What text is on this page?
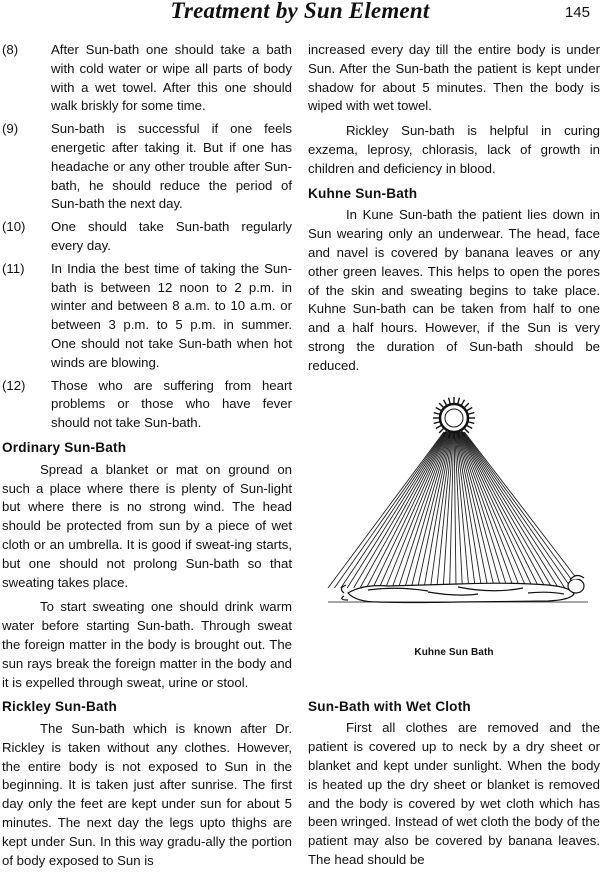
Treatment by Sun Element	145
(8)	After Sun-bath one should take a bath with cold water or wipe all parts of body with a wet towel. After this one should walk briskly for some time.
(9)	Sun-bath is successful if one feels energetic after taking it. But if one has headache or any other trouble after Sun-bath, he should reduce the period of Sun-bath the next day.
(10)	One should take Sun-bath regularly every day.
(11)	In India the best time of taking the Sun-bath is between 12 noon to 2 p.m. in winter and between 8 a.m. to 10 a.m. or between 3 p.m. to 5 p.m. in summer. One should not take Sun-bath when hot winds are blowing.
(12)	Those who are suffering from heart problems or those who have fever should not take Sun-bath.
Ordinary Sun-Bath

Spread a blanket or mat on ground on such a place where there is plenty of Sun-light but where there is no strong wind. The head should be protected from sun by a piece of wet cloth or an umbrella. It is good if sweat-ing starts, but one should not prolong Sun-bath so that sweating takes place.

To start sweating one should drink warm water before starting Sun-bath. Through sweat the foreign matter in the body is brought out. The sun rays break the foreign matter in the body and it is expelled through sweat, urine or stool.

Rickley Sun-Bath

The Sun-bath which is known after Dr. Rickley is taken without any clothes. However, the entire body is not exposed to Sun in the beginning. It is taken just after sunrise. The first day only the feet are kept under sun for about 5 minutes. The next day the legs upto thighs are kept under Sun. In this way gradu-ally the portion of body exposed to Sun is

increased every day till the entire body is under Sun. After the Sun-bath the patient is kept under shadow for about 5 minutes. Then the body is wiped with wet towel.

Rickley Sun-bath is helpful in curing exzema, leprosy, chlorasis, lack of growth in children and deficiency in blood.

Kuhne Sun-Bath

In Kune Sun-bath the patient lies down in Sun wearing only an underwear. The head, face and navel is covered by banana leaves or any other green leaves. This helps to open the pores of the skin and sweating begins to take place. Kuhne Sun-bath can be taken from half to one and a half hours. However, if the Sun is very strong the duration of Sun-bath should be reduced.

Kuhne Sun Bath
Sun-Bath with Wet Cloth

First all clothes are removed and the patient is covered up to neck by a dry sheet or blanket and kept under sunlight. When the body is heated up the dry sheet or blanket is removed and the body is covered by wet cloth which has been wringed. Instead of wet cloth the body of the patient may also be covered by banana leaves. The head should be
